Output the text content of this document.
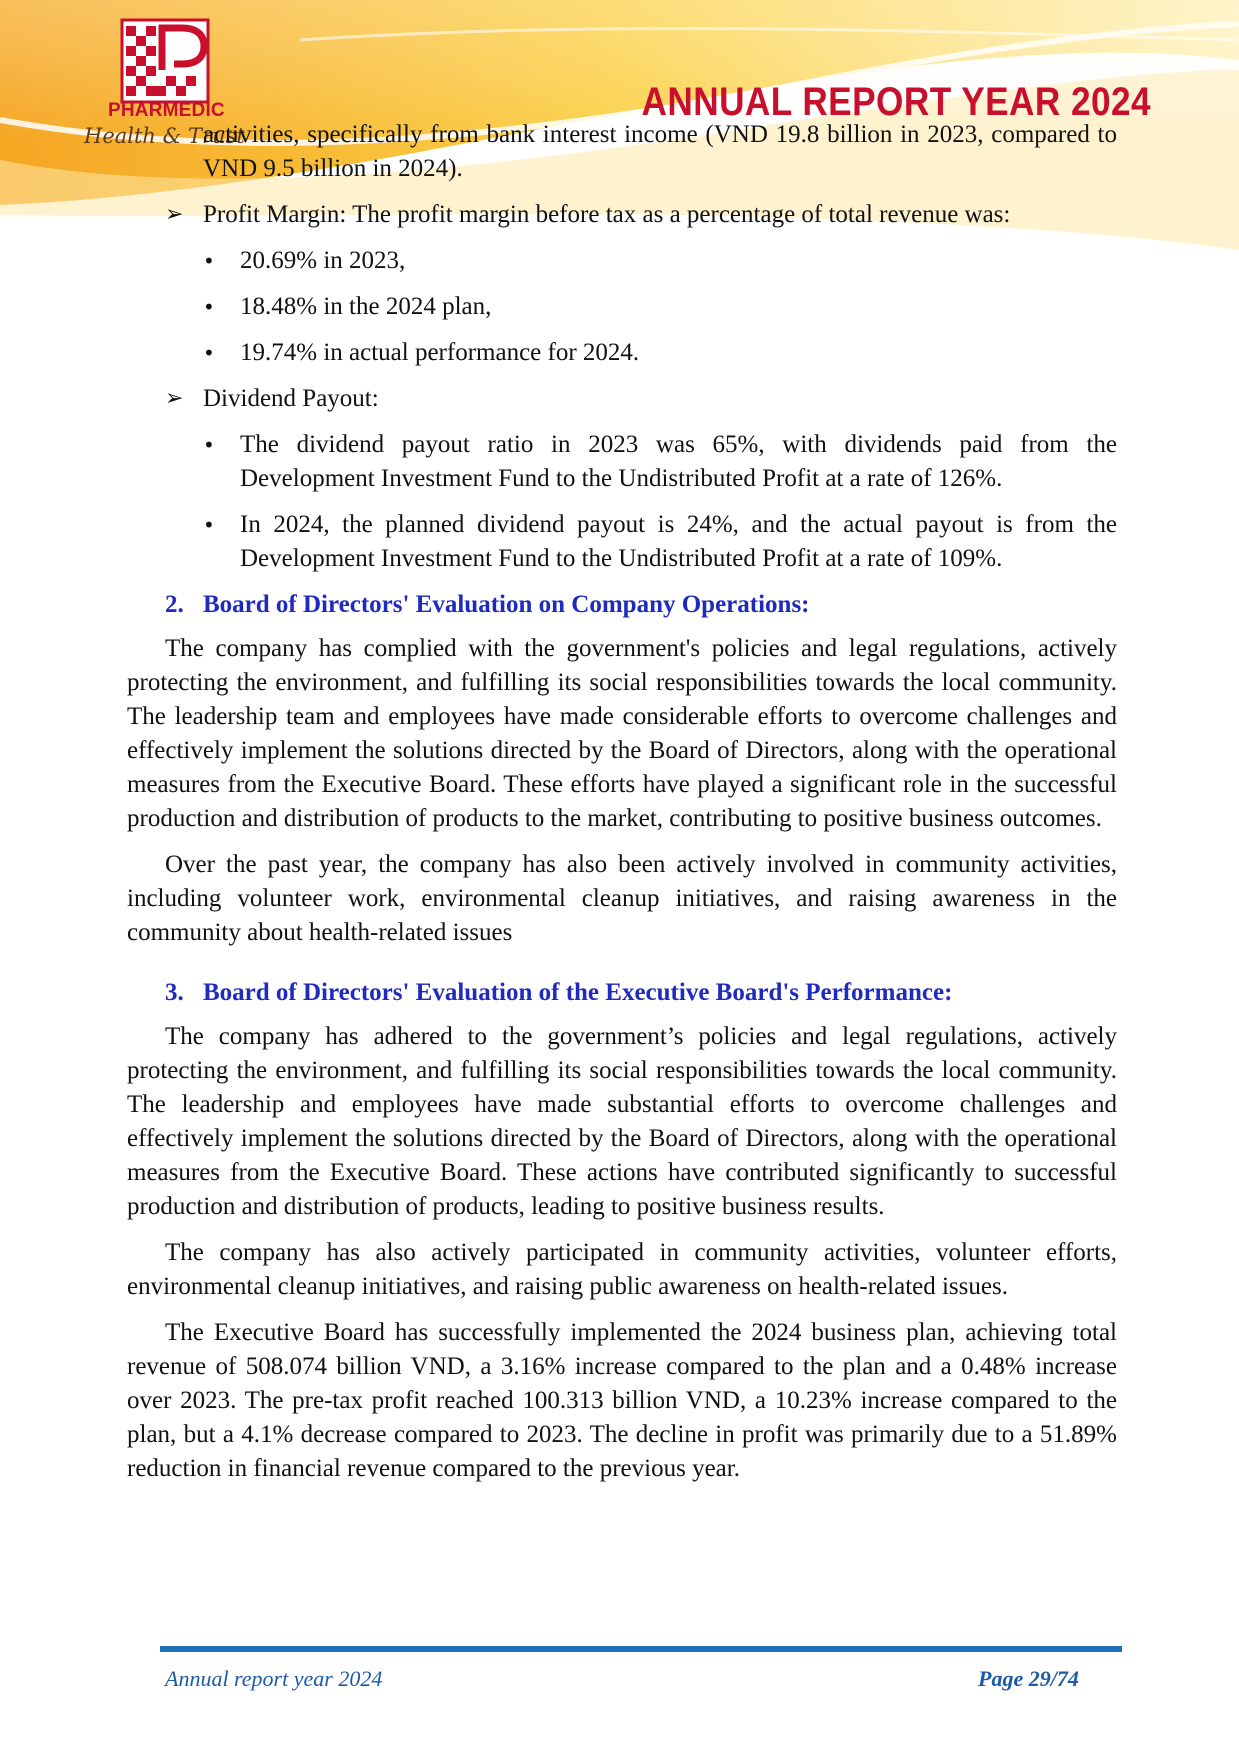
PHARMEDIC
Health & Trust
ANNUAL REPORT YEAR 2024

activities, specifically from bank interest income (VND 19.8 billion in 2023, compared to VND 9.5 billion in 2024).

➢ Profit Margin: The profit margin before tax as a percentage of total revenue was:
•	20.69% in 2023,
•	18.48% in the 2024 plan,
•	19.74% in actual performance for 2024.
➢ Dividend Payout:
•	The dividend payout ratio in 2023 was 65%, with dividends paid from the Development Investment Fund to the Undistributed Profit at a rate of 126%.
•	In 2024, the planned dividend payout is 24%, and the actual payout is from the Development Investment Fund to the Undistributed Profit at a rate of 109%.
2. Board of Directors' Evaluation on Company Operations:

The company has complied with the government's policies and legal regulations, actively protecting the environment, and fulfilling its social responsibilities towards the local community. The leadership team and employees have made considerable efforts to overcome challenges and effectively implement the solutions directed by the Board of Directors, along with the operational measures from the Executive Board. These efforts have played a significant role in the successful production and distribution of products to the market, contributing to positive business outcomes.

Over the past year, the company has also been actively involved in community activities, including volunteer work, environmental cleanup initiatives, and raising awareness in the community about health-related issues

3. Board of Directors' Evaluation of the Executive Board's Performance:

The company has adhered to the government’s policies and legal regulations, actively protecting the environment, and fulfilling its social responsibilities towards the local community. The leadership and employees have made substantial efforts to overcome challenges and effectively implement the solutions directed by the Board of Directors, along with the operational measures from the Executive Board. These actions have contributed significantly to successful production and distribution of products, leading to positive business results.

The company has also actively participated in community activities, volunteer efforts, environmental cleanup initiatives, and raising public awareness on health-related issues.

The Executive Board has successfully implemented the 2024 business plan, achieving total revenue of 508.074 billion VND, a 3.16% increase compared to the plan and a 0.48% increase over 2023. The pre-tax profit reached 100.313 billion VND, a 10.23% increase compared to the plan, but a 4.1% decrease compared to 2023. The decline in profit was primarily due to a 51.89% reduction in financial revenue compared to the previous year.

Annual report year 2024	Page 29/74
